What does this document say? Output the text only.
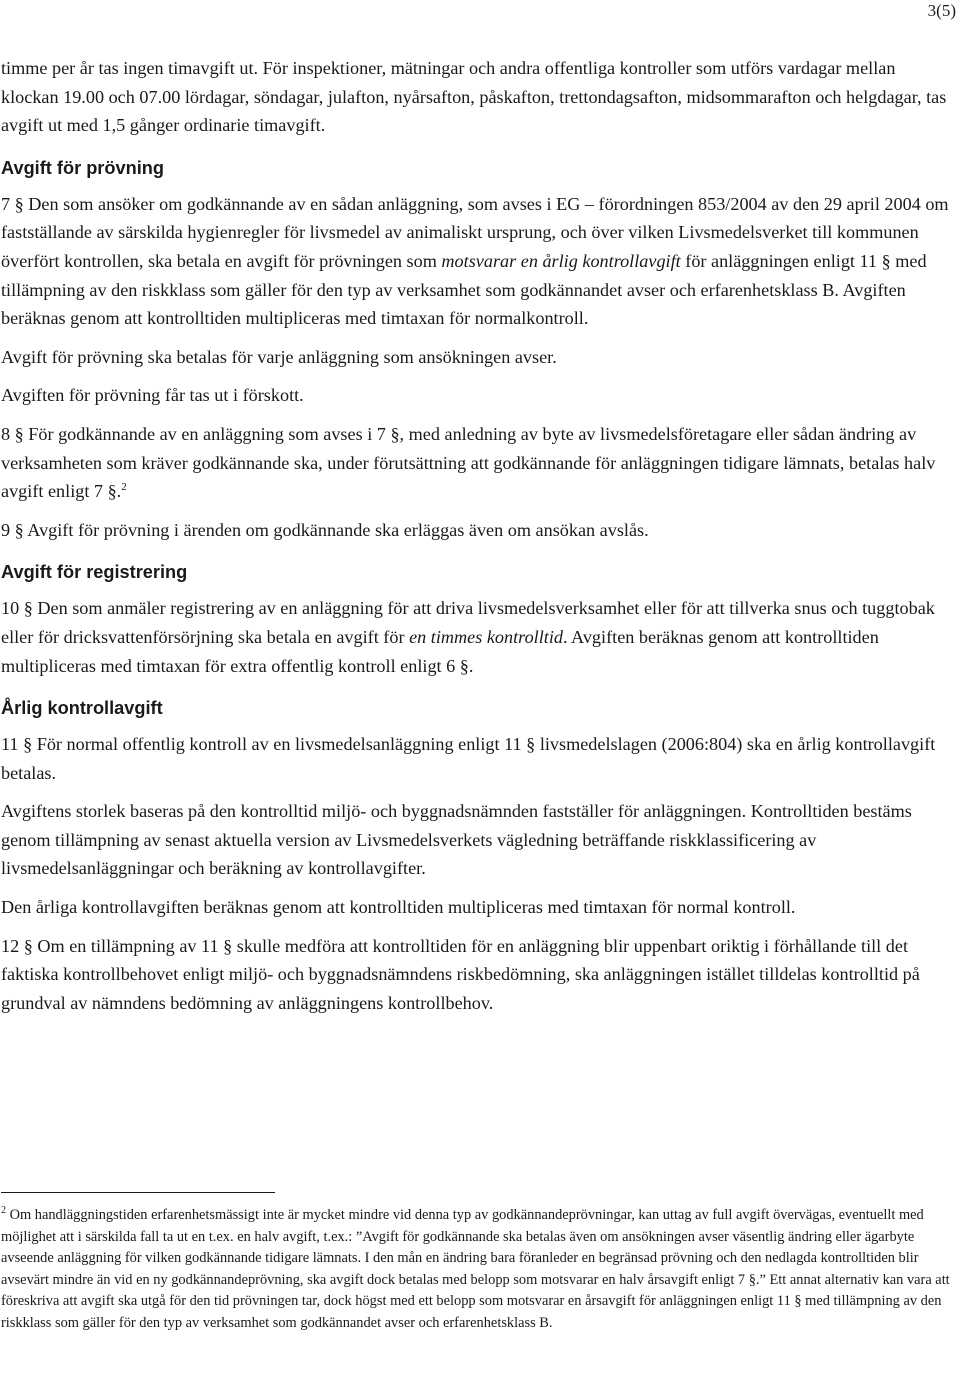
3(5)

timme per år tas ingen timavgift ut. För inspektioner, mätningar och andra offentliga kontroller som utförs vardagar mellan klockan 19.00 och 07.00 lördagar, söndagar, julafton, nyårsafton, påskafton, trettondagsafton, midsommarafton och helgdagar, tas avgift ut med 1,5 gånger ordinarie timavgift.

Avgift för prövning

7 § Den som ansöker om godkännande av en sådan anläggning, som avses i EG – förordningen 853/2004 av den 29 april 2004 om fastställande av särskilda hygienregler för livsmedel av animaliskt ursprung, och över vilken Livsmedelsverket till kommunen överfört kontrollen, ska betala en avgift för prövningen som motsvarar en årlig kontrollavgift för anläggningen enligt 11 § med tillämpning av den riskklass som gäller för den typ av verksamhet som godkännandet avser och erfarenhetsklass B. Avgiften beräknas genom att kontrolltiden multipliceras med timtaxan för normalkontroll.

Avgift för prövning ska betalas för varje anläggning som ansökningen avser.

Avgiften för prövning får tas ut i förskott.

8 § För godkännande av en anläggning som avses i 7 §, med anledning av byte av livsmedelsföretagare eller sådan ändring av verksamheten som kräver godkännande ska, under förutsättning att godkännande för anläggningen tidigare lämnats, betalas halv avgift enligt 7 §.$^2$

9 § Avgift för prövning i ärenden om godkännande ska erläggas även om ansökan avslås.

Avgift för registrering

10 § Den som anmäler registrering av en anläggning för att driva livsmedelsverksamhet eller för att tillverka snus och tuggtobak eller för dricksvattenförsörjning ska betala en avgift för en timmes kontrolltid. Avgiften beräknas genom att kontrolltiden multipliceras med timtaxan för extra offentlig kontroll enligt 6 §.

Årlig kontrollavgift

11 § För normal offentlig kontroll av en livsmedelsanläggning enligt 11 § livsmedelslagen (2006:804) ska en årlig kontrollavgift betalas.

Avgiftens storlek baseras på den kontrolltid miljö- och byggnadsnämnden fastställer för anläggningen. Kontrolltiden bestäms genom tillämpning av senast aktuella version av Livsmedelsverkets vägledning beträffande riskklassificering av livsmedelsanläggningar och beräkning av kontrollavgifter.

Den årliga kontrollavgiften beräknas genom att kontrolltiden multipliceras med timtaxan för normal kontroll.

12 § Om en tillämpning av 11 § skulle medföra att kontrolltiden för en anläggning blir uppenbart oriktig i förhållande till det faktiska kontrollbehovet enligt miljö- och byggnadsnämndens riskbedömning, ska anläggningen istället tilldelas kontrolltid på grundval av nämndens bedömning av anläggningens kontrollbehov.

$^2$ Om handläggningstiden erfarenhetsmässigt inte är mycket mindre vid denna typ av godkännandeprövningar, kan uttag av full avgift övervägas, eventuellt med möjlighet att i särskilda fall ta ut en t.ex. en halv avgift, t.ex.: ”Avgift för godkännande ska betalas även om ansökningen avser väsentlig ändring eller ägarbyte avseende anläggning för vilken godkännande tidigare lämnats. I den mån en ändring bara föranleder en begränsad prövning och den nedlagda kontrolltiden blir avsevärt mindre än vid en ny godkännandeprövning, ska avgift dock betalas med belopp som motsvarar en halv årsavgift enligt 7 §.” Ett annat alternativ kan vara att föreskriva att avgift ska utgå för den tid prövningen tar, dock högst med ett belopp som motsvarar en årsavgift för anläggningen enligt 11 § med tillämpning av den riskklass som gäller för den typ av verksamhet som godkännandet avser och erfarenhetsklass B.
